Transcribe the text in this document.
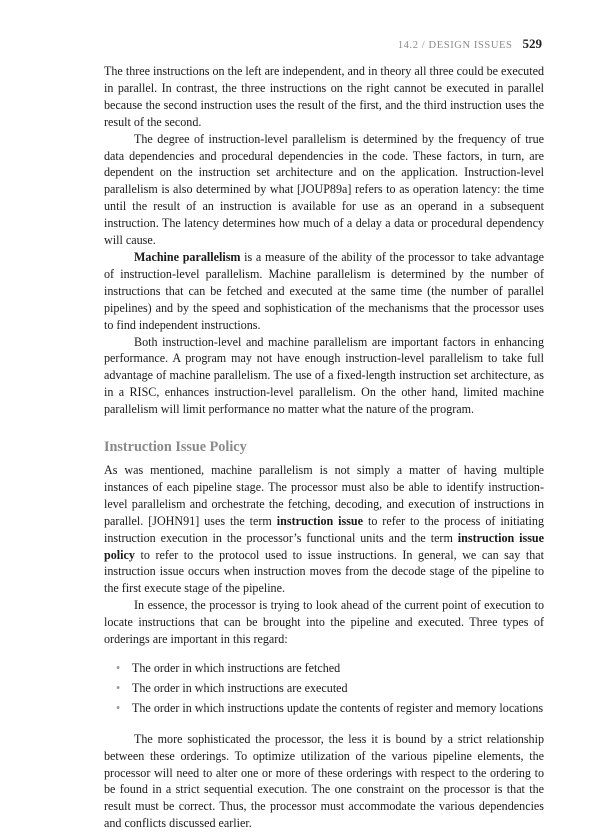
14.2 / DESIGN ISSUES 529

The three instructions on the left are independent, and in theory all three could be executed in parallel. In contrast, the three instructions on the right cannot be executed in parallel because the second instruction uses the result of the first, and the third instruction uses the result of the second.

The degree of instruction-level parallelism is determined by the frequency of true data dependencies and procedural dependencies in the code. These factors, in turn, are dependent on the instruction set architecture and on the application. Instruction-level parallelism is also determined by what [JOUP89a] refers to as operation latency: the time until the result of an instruction is available for use as an operand in a subsequent instruction. The latency determines how much of a delay a data or procedural dependency will cause.

Machine parallelism is a measure of the ability of the processor to take advantage of instruction-level parallelism. Machine parallelism is determined by the number of instructions that can be fetched and executed at the same time (the number of parallel pipelines) and by the speed and sophistication of the mechanisms that the processor uses to find independent instructions.

Both instruction-level and machine parallelism are important factors in enhancing performance. A program may not have enough instruction-level parallelism to take full advantage of machine parallelism. The use of a fixed-length instruction set architecture, as in a RISC, enhances instruction-level parallelism. On the other hand, limited machine parallelism will limit performance no matter what the nature of the program.

Instruction Issue Policy

As was mentioned, machine parallelism is not simply a matter of having multiple instances of each pipeline stage. The processor must also be able to identify instruction-level parallelism and orchestrate the fetching, decoding, and execution of instructions in parallel. [JOHN91] uses the term instruction issue to refer to the process of initiating instruction execution in the processor’s functional units and the term instruction issue policy to refer to the protocol used to issue instructions. In general, we can say that instruction issue occurs when instruction moves from the decode stage of the pipeline to the first execute stage of the pipeline.

In essence, the processor is trying to look ahead of the current point of execution to locate instructions that can be brought into the pipeline and executed. Three types of orderings are important in this regard:

• The order in which instructions are fetched
• The order in which instructions are executed
• The order in which instructions update the contents of register and memory locations

The more sophisticated the processor, the less it is bound by a strict relationship between these orderings. To optimize utilization of the various pipeline elements, the processor will need to alter one or more of these orderings with respect to the ordering to be found in a strict sequential execution. The one constraint on the processor is that the result must be correct. Thus, the processor must accommodate the various dependencies and conflicts discussed earlier.
